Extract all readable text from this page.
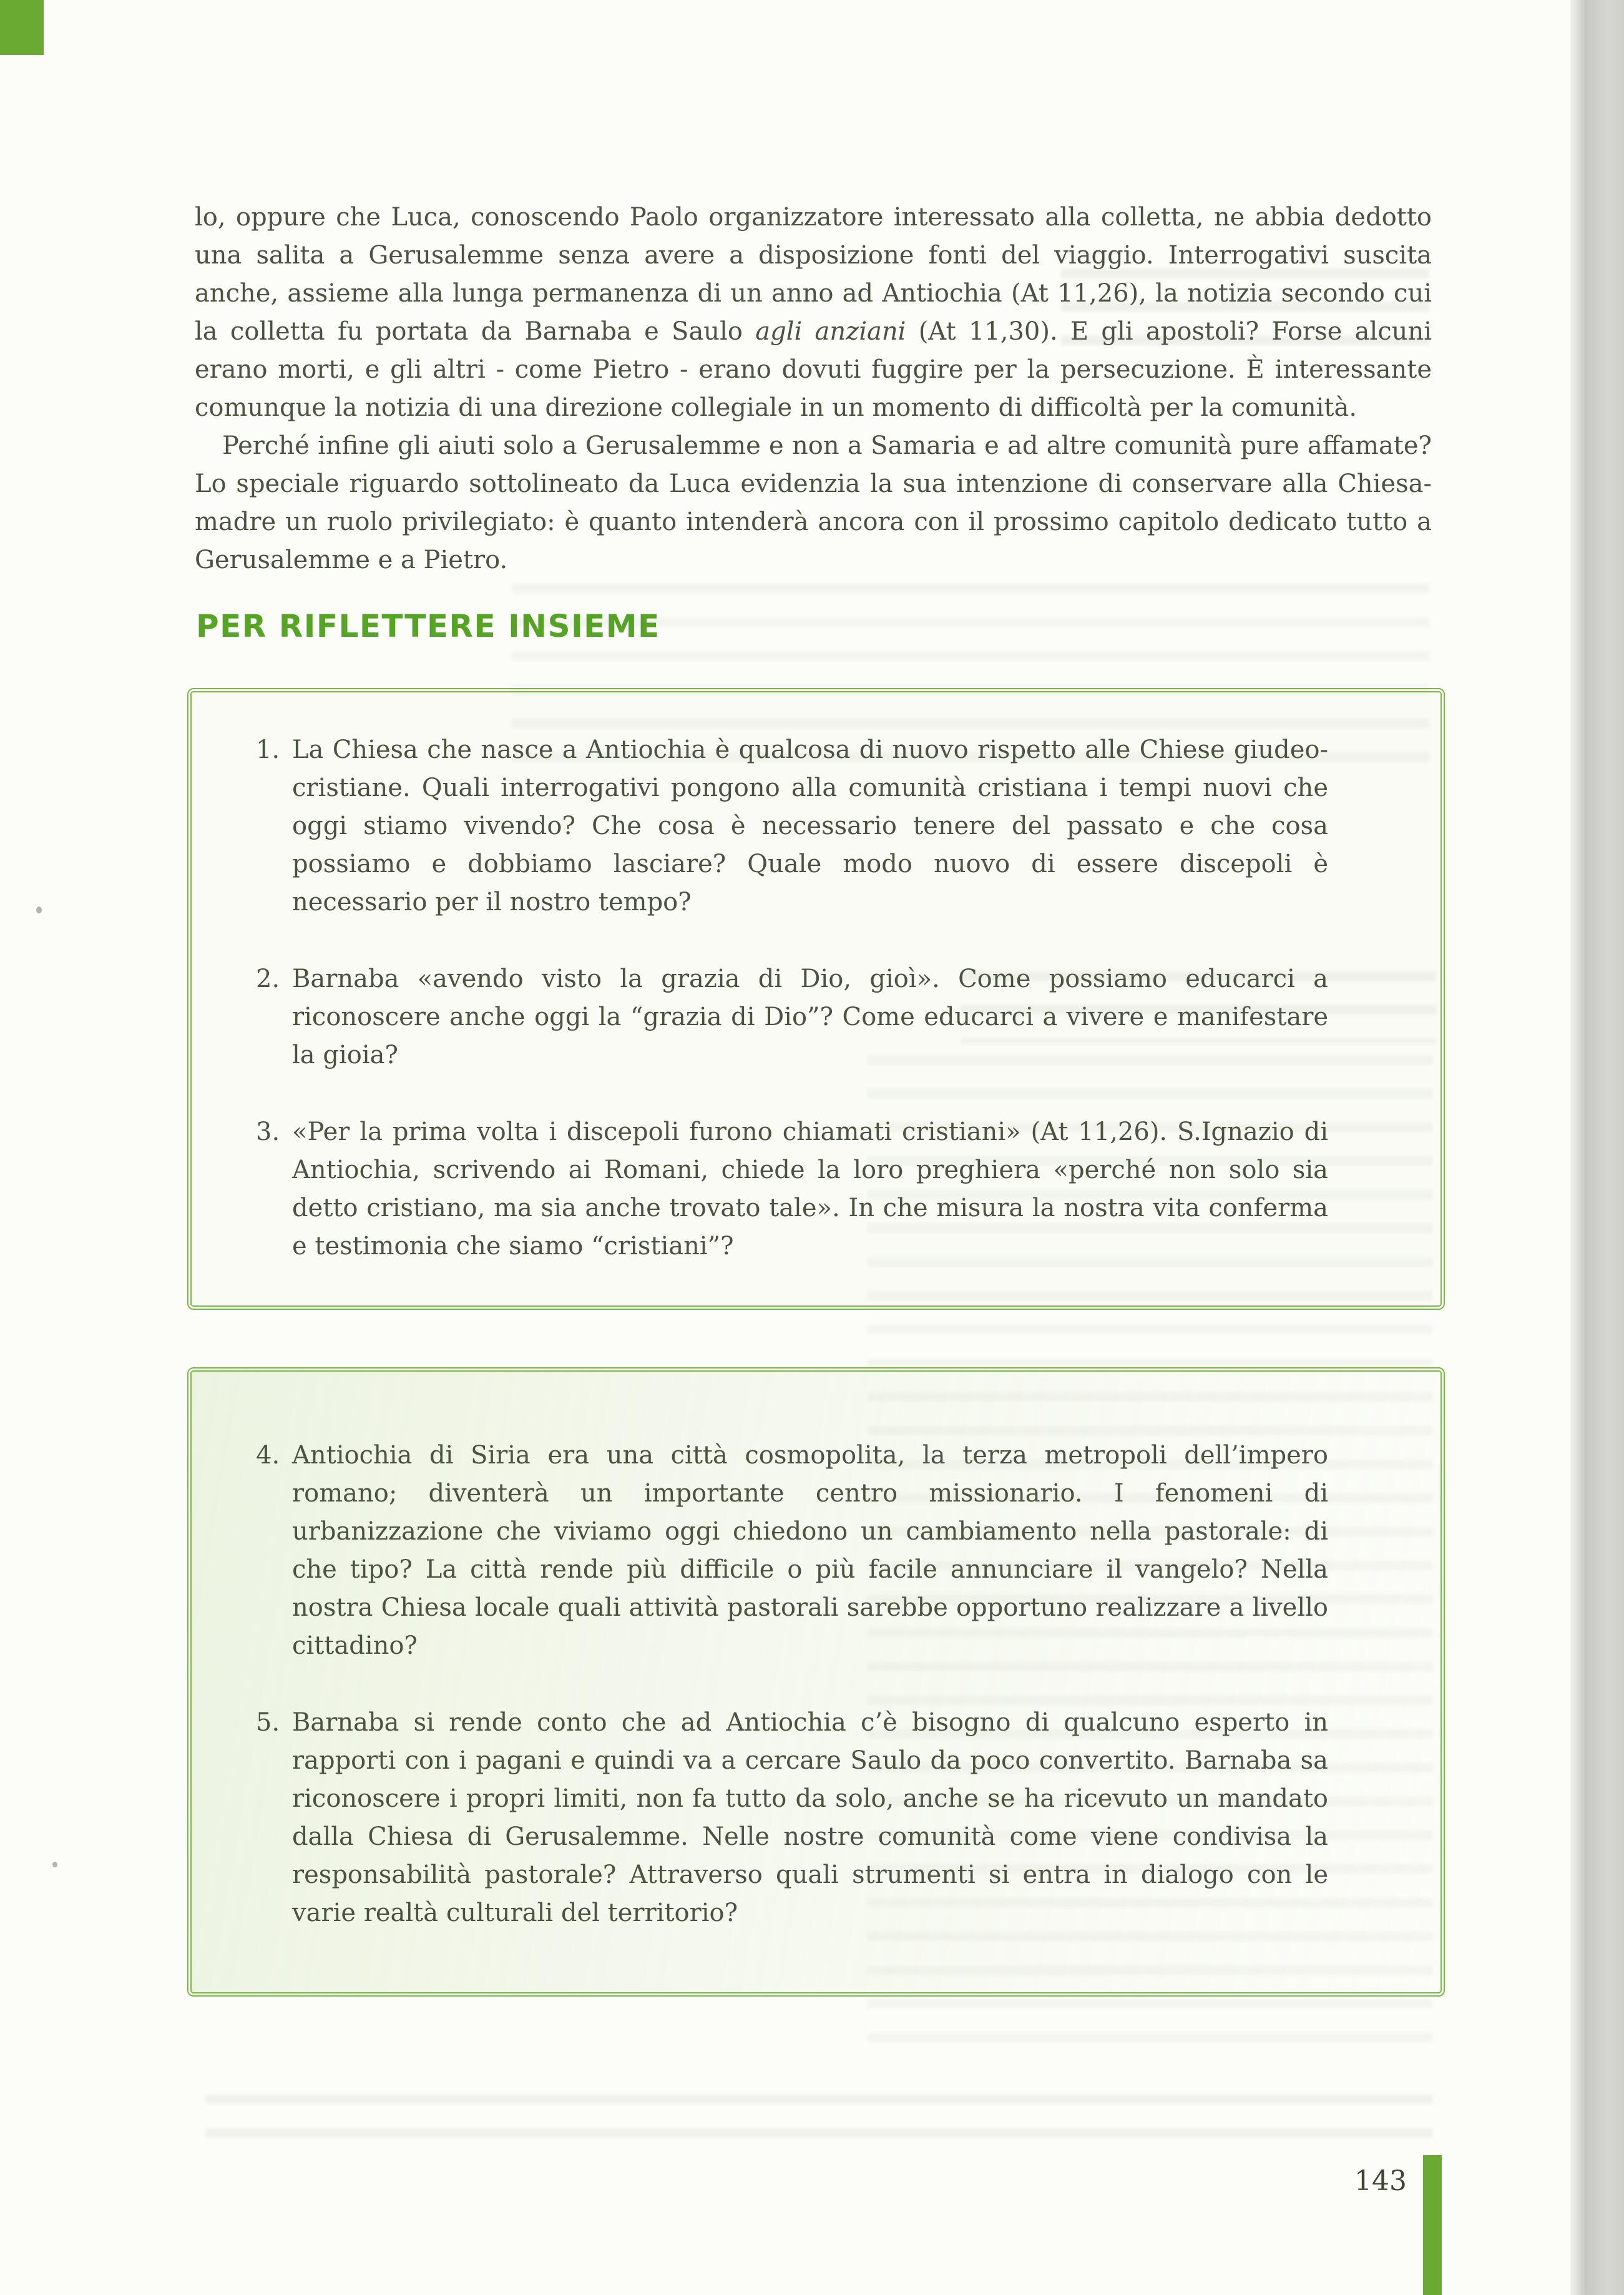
lo, oppure che Luca, conoscendo Paolo organizzatore interessato alla colletta, ne abbia dedotto una salita a Gerusalemme senza avere a disposizione fonti del viaggio. Interrogativi suscita anche, assieme alla lunga permanenza di un anno ad Antiochia (At 11,26), la notizia secondo cui la colletta fu portata da Barnaba e Saulo agli anziani (At 11,30). E gli apostoli? Forse alcuni erano morti, e gli altri - come Pietro - erano dovuti fuggire per la persecuzione. È interessante comunque la notizia di una direzione collegiale in un momento di difficoltà per la comunità.

Perché infine gli aiuti solo a Gerusalemme e non a Samaria e ad altre comunità pure affamate? Lo speciale riguardo sottolineato da Luca evidenzia la sua intenzione di conservare alla Chiesa-madre un ruolo privilegiato: è quanto intenderà ancora con il prossimo capitolo dedicato tutto a Gerusalemme e a Pietro.

PER RIFLETTERE INSIEME
1. La Chiesa che nasce a Antiochia è qualcosa di nuovo rispetto alle Chiese giudeo-cristiane. Quali interrogativi pongono alla comunità cristiana i tempi nuovi che oggi stiamo vivendo? Che cosa è necessario tenere del passato e che cosa possiamo e dobbiamo lasciare? Quale modo nuovo di essere discepoli è necessario per il nostro tempo?
2. Barnaba «avendo visto la grazia di Dio, gioì». Come possiamo educarci a riconoscere anche oggi la “grazia di Dio”? Come educarci a vivere e manifestare la gioia?
3. «Per la prima volta i discepoli furono chiamati cristiani» (At 11,26). S.Ignazio di Antiochia, scrivendo ai Romani, chiede la loro preghiera «perché non solo sia detto cristiano, ma sia anche trovato tale». In che misura la nostra vita conferma e testimonia che siamo “cristiani”?
4. Antiochia di Siria era una città cosmopolita, la terza metropoli dell’impero romano; diventerà un importante centro missionario. I fenomeni di urbanizzazione che viviamo oggi chiedono un cambiamento nella pastorale: di che tipo? La città rende più difficile o più facile annunciare il vangelo? Nella nostra Chiesa locale quali attività pastorali sarebbe opportuno realizzare a livello cittadino?
5. Barnaba si rende conto che ad Antiochia c’è bisogno di qualcuno esperto in rapporti con i pagani e quindi va a cercare Saulo da poco convertito. Barnaba sa riconoscere i propri limiti, non fa tutto da solo, anche se ha ricevuto un mandato dalla Chiesa di Gerusalemme. Nelle nostre comunità come viene condivisa la responsabilità pastorale? Attraverso quali strumenti si entra in dialogo con le varie realtà culturali del territorio?
143
